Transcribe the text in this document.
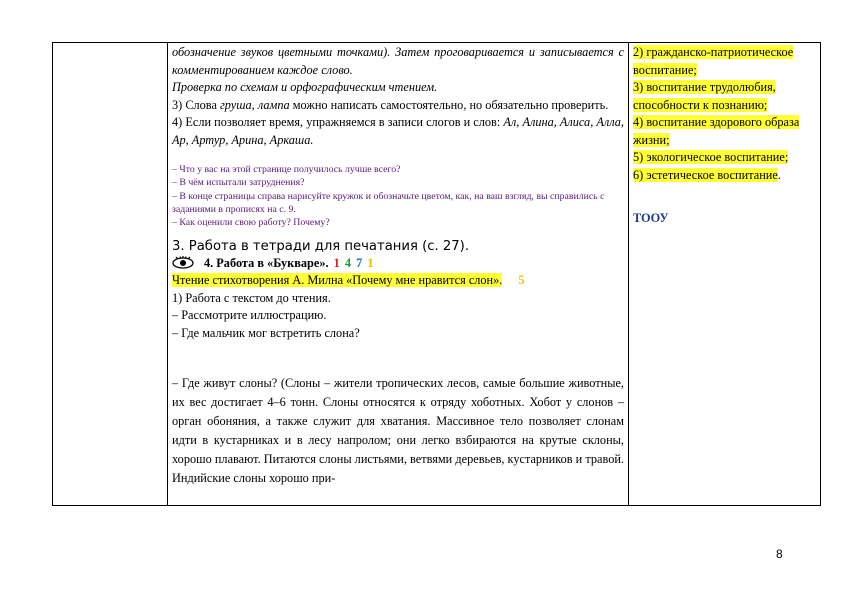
обозначение звуков цветными точками). Затем проговаривается и записывается с комментированием каждое слово.

Проверка по схемам и орфографическим чтением.

3) Слова груша, лампа можно написать самостоятельно, но обязательно проверить.

4) Если позволяет время, упражняемся в записи слогов и слов: Ал, Алина, Алиса, Алла, Ар, Артур, Арина, Аркаша.

– Что у вас на этой странице получилось лучше всего?
– В чём испытали затруднения?
– В конце страницы справа нарисуйте кружок и обозначьте цветом, как, на ваш взгляд, вы справились с заданиями в прописях на с. 9.
– Как оценили свою работу? Почему?
3. Работа в тетради для печатания (с. 27).
4. Работа в «Букваре». 1 4 7 1
Чтение стихотворения А. Милна «Почему мне нравится слон». 5

1) Работа с текстом до чтения.

– Рассмотрите иллюстрацию.

– Где мальчик мог встретить слона?

– Где живут слоны? (Слоны – жители тропических лесов, самые большие животные, их вес достигает 4–6 тонн. Слоны относятся к отряду хоботных. Хобот у слонов – орган обоняния, а также служит для хватания. Массивное тело позволяет слонам идти в кустарниках и в лесу напролом; они легко взбираются на крутые склоны, хорошо плавают. Питаются слоны листьями, ветвями деревьев, кустарников и травой. Индийские слоны хорошо при-

2) гражданско-патриотическое воспитание;
3) воспитание трудолюбия, способности к познанию;
4) воспитание здорового образа жизни;
5) экологическое воспитание;
6) эстетическое воспитание.
ТООУ
8
